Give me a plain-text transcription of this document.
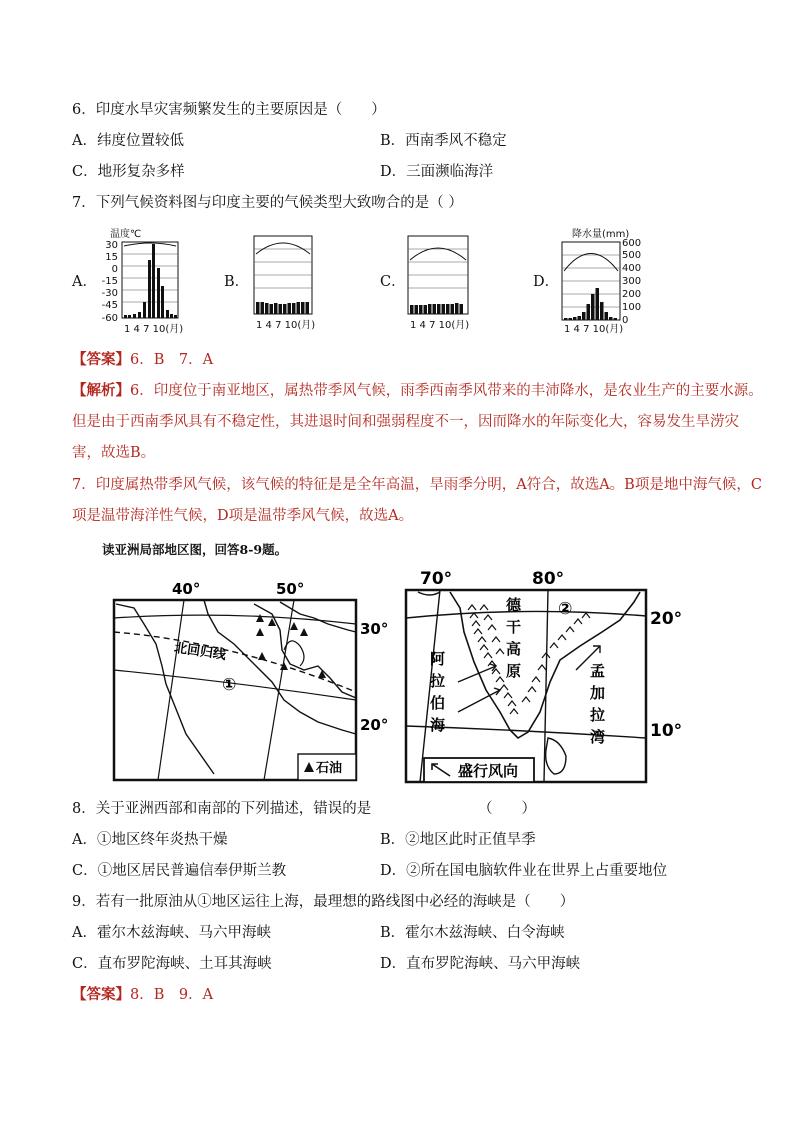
6．印度水旱灾害频繁发生的主要原因是（　　）
A．纬度位置较低	B．西南季风不稳定
C．地形复杂多样	D．三面濒临海洋
7．下列气候资料图与印度主要的气候类型大致吻合的是（ ）
A．	B．	C．	D．
温度℃
30
15
0
-15
-30
-45
-60
1 4 7 10(月)	1 4 7 10(月)	1 4 7 10(月)
降水量(mm)
600
500
400
300
200
100
0
1 4 7 10(月)
【答案】6．B　7．A
【解析】6．印度位于南亚地区，属热带季风气候，雨季西南季风带来的丰沛降水，是农业生产的主要水源。
但是由于西南季风具有不稳定性，其进退时间和强弱程度不一，因而降水的年际变化大，容易发生旱涝灾
害，故选B。
7．印度属热带季风气候，该气候的特征是是全年高温，旱雨季分明，A符合，故选A。B项是地中海气候，C
项是温带海洋性气候，D项是温带季风气候，故选A。
读亚洲局部地区图，回答8-9题。
40°	50°
30°
20°
北回归线
①
石油
70°	80°
20°
10°
德
干
高
原
阿
拉
伯
海
孟
加
拉
湾
②
盛行风向
8．关于亚洲西部和南部的下列描述，错误的是	（　　）
A．①地区终年炎热干燥	B．②地区此时正值旱季
C．①地区居民普遍信奉伊斯兰教	D．②所在国电脑软件业在世界上占重要地位
9．若有一批原油从①地区运往上海，最理想的路线图中必经的海峡是（　　）
A．霍尔木兹海峡、马六甲海峡	B．霍尔木兹海峡、白令海峡
C．直布罗陀海峡、土耳其海峡	D．直布罗陀海峡、马六甲海峡
【答案】8．B　9．A
